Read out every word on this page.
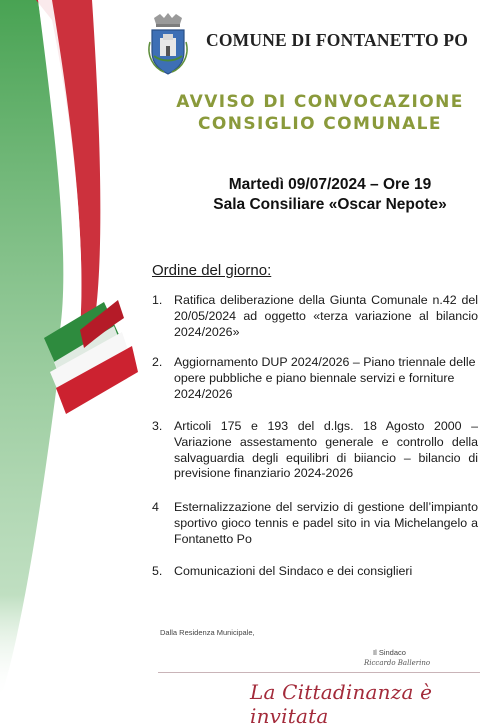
COMUNE DI FONTANETTO PO
AVVISO DI CONVOCAZIONE
CONSIGLIO COMUNALE
Martedì 09/07/2024 – Ore 19
Sala Consiliare «Oscar Nepote»
Ordine del giorno:
1. Ratifica deliberazione della Giunta Comunale n.42 del 20/05/2024 ad oggetto «terza variazione al bilancio 2024/2026»
2. Aggiornamento DUP 2024/2026 – Piano triennale delle opere pubbliche e piano biennale servizi e forniture 2024/2026
3. Articoli 175 e 193 del d.lgs. 18 Agosto 2000 – Variazione assestamento generale e controllo della salvaguardia degli equilibri di biiancio – bilancio di previsione finanziario 2024-2026
4 Esternalizzazione del servizio di gestione dell’impianto sportivo gioco tennis e padel sito in via Michelangelo a Fontanetto Po
5. Comunicazioni del Sindaco e dei consiglieri
Dalla Residenza Municipale,
Il Sindaco
Riccardo Ballerino
La Cittadinanza è invitata
